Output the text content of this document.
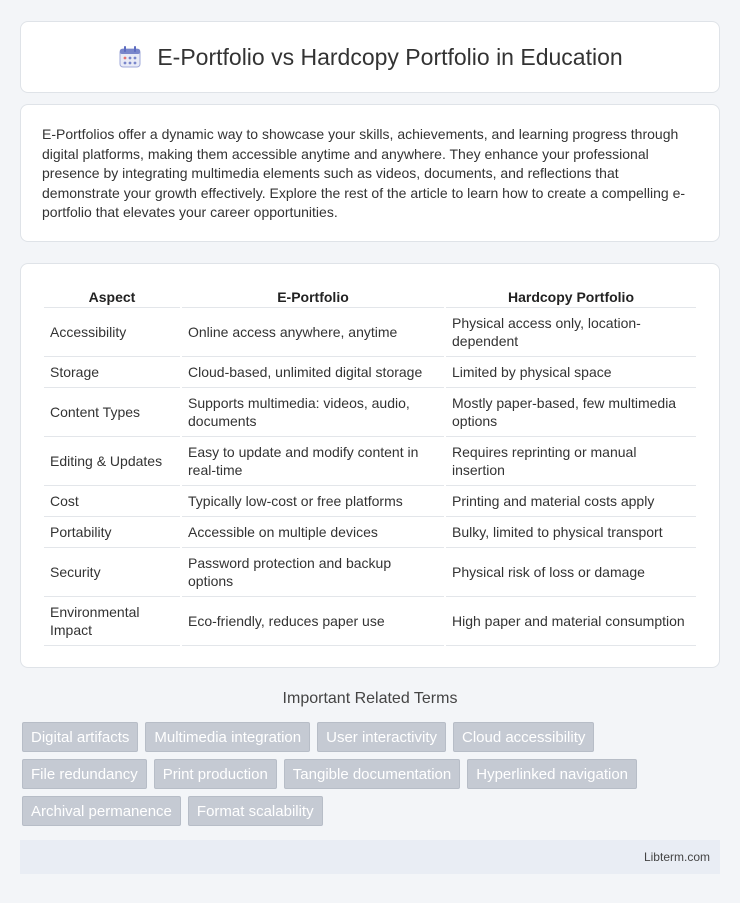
E-Portfolio vs Hardcopy Portfolio in Education

E-Portfolios offer a dynamic way to showcase your skills, achievements, and learning progress through digital platforms, making them accessible anytime and anywhere. They enhance your professional presence by integrating multimedia elements such as videos, documents, and reflections that demonstrate your growth effectively. Explore the rest of the article to learn how to create a compelling e-portfolio that elevates your career opportunities.

Aspect	E-Portfolio	Hardcopy Portfolio
Accessibility	Online access anywhere, anytime	Physical access only, location-dependent
Storage	Cloud-based, unlimited digital storage	Limited by physical space
Content Types	Supports multimedia: videos, audio, documents	Mostly paper-based, few multimedia options
Editing & Updates	Easy to update and modify content in real-time	Requires reprinting or manual insertion
Cost	Typically low-cost or free platforms	Printing and material costs apply
Portability	Accessible on multiple devices	Bulky, limited to physical transport
Security	Password protection and backup options	Physical risk of loss or damage
Environmental Impact	Eco-friendly, reduces paper use	High paper and material consumption
Important Related Terms
Digital artifacts	Multimedia integration	User interactivity	Cloud accessibility
File redundancy	Print production	Tangible documentation	Hyperlinked navigation
Archival permanence	Format scalability
Libterm.com
